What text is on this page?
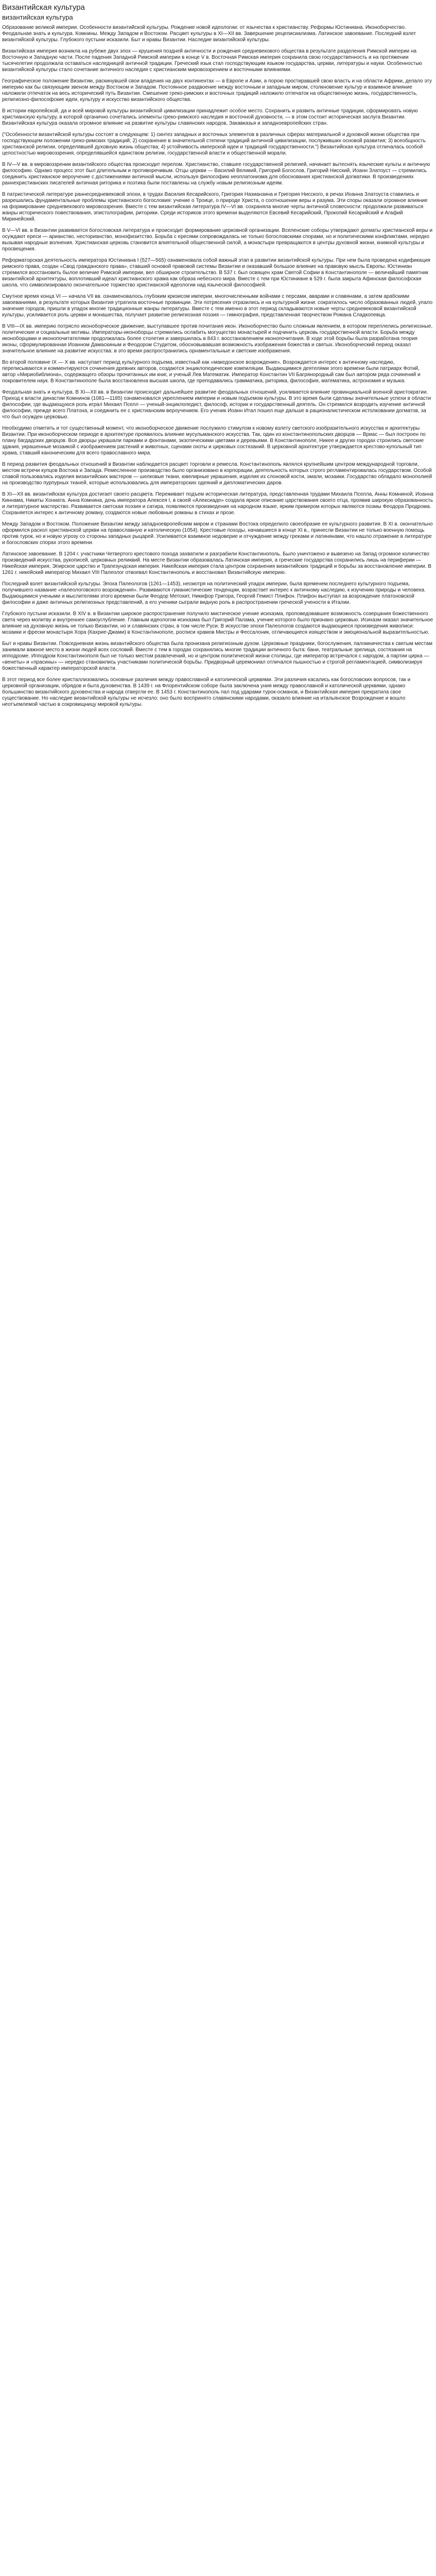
Византийская культура
византийская культура

Образование великой империи. Особенности византийской культуры. Рождение новой идеологии: от язычества к христианству. Реформы Юстиниана. Иконоборчество. Феодальная знать и культура. Комнины. Между Западом и Востоком. Расцвет культуры в XI—XII вв. Завершение рецеписиализма. Латинское завоевание. Последний взлет византийской культуры. Глубокого пустыни исказили. Быт и нравы Византии. Наследие византийской культуры.

Византийская империя возникла на рубеже двух эпох — крушения поздней античности и рождения средневекового общества в результате разделения Римской империи на Восточную и Западную части. После падения Западной Римской империи в конце V в. Восточная Римская империя сохранила свою государственность и на протяжении тысячелетия продолжала оставаться наследницей античной традиции. Греческий язык стал господствующим языком государства, церкви, литературы и науки. Особенностью византийской культуры стало сочетание античного наследия с христианским мировоззрением и восточными влияниями.

Географическое положение Византии, раскинувшей свои владения на двух континентах — в Европе и Азии, а порою простиравшей свою власть и на области Африки, делало эту империю как бы связующим звеном между Востоком и Западом. Постоянное раздвоение между восточным и западным миром, столкновение культур и взаимное влияние наложили отпечаток на весь исторический путь Византии. Смешение греко-римских и восточных традиций наложило отпечаток на общественную жизнь, государственность, религиозно-философские идеи, культуру и искусство византийского общества.

В истории европейской, да и всей мировой культуры византийской цивилизации принадлежит особое место. Сохранить и развить античные традиции, сформировать новую христианскую культуру, в которой органично сочетались элементы греко-римского наследия и восточной духовности, — в этом состоит историческая заслуга Византии. Византийская культура оказала огромное влияние на развитие культуры славянских народов, Закавказья и западноевропейских стран.

("Особенности византийской культуры состоят в следующем: 1) синтез западных и восточных элементов в различных сферах материальной и духовной жизни общества при господствующем положении греко-римских традиций; 2) сохранение в значительной степени традиций античной цивилизации, послуживших основой развития; 3) всеобщность христианской религии, определявшей духовную жизнь общества; 4) устойчивость имперской идеи и традиций государственности.") Византийская культура отличалась особой целостностью мировоззрения, определявшейся единством религии, государственной власти и общественной морали.

В IV—V вв. в мировоззрении византийского общества происходит перелом. Христианство, ставшее государственной религией, начинает вытеснять языческие культы и античную философию. Однако процесс этот был длительным и противоречивым. Отцы церкви — Василий Великий, Григорий Богослов, Григорий Нисский, Иоанн Златоуст — стремились соединить христианское вероучение с достижениями античной мысли, используя философию неоплатонизма для обоснования христианской догматики. В произведениях раннехристианских писателей античная риторика и поэтика были поставлены на службу новым религиозным идеям.

В патристической литературе раннесредневековой эпохи, в трудах Василия Кесарийского, Григория Назианзина и Григория Нисского, в речах Иоанна Златоуста ставились и разрешались фундаментальные проблемы христианского богословия: учение о Троице, о природе Христа, о соотношении веры и разума. Эти споры оказали огромное влияние на формирование средневекового мировоззрения. Вместе с тем византийская литература IV—VI вв. сохраняла многие черты античной словесности: продолжали развиваться жанры исторического повествования, эпистолографии, риторики. Среди историков этого времени выделяются Евсевий Кесарийский, Прокопий Кесарийский и Агафий Миринейский.

В V—VI вв. в Византии развивается богословская литература и происходит формирование церковной организации. Вселенские соборы утверждают догматы христианской веры и осуждают ереси — арианство, несторианство, монофизитство. Борьба с ересями сопровождалась не только богословскими спорами, но и политическими конфликтами, нередко вызывая народные волнения. Христианская церковь становится влиятельной общественной силой, а монастыри превращаются в центры духовной жизни, книжной культуры и просвещения.

Реформаторская деятельность императора Юстиниана I (527—565) ознаменовала собой важный этап в развитии византийской культуры. При нем была проведена кодификация римского права, создан «Свод гражданского права», ставший основой правовой системы Византии и оказавший большое влияние на правовую мысль Европы. Юстиниан стремился восстановить былое величие Римской империи, вел обширное строительство. В 537 г. был освящен храм Святой Софии в Константинополе — величайший памятник византийской архитектуры, воплотивший идеал христианского храма как образа небесного мира. Вместе с тем при Юстиниане в 529 г. была закрыта Афинская философская школа, что символизировало окончательное торжество христианской идеологии над языческой философией.

Смутное время конца VI — начала VII вв. ознаменовалось глубоким кризисом империи, многочисленными войнами с персами, аварами и славянами, а затем арабскими завоеваниями, в результате которых Византия утратила восточные провинции. Эти потрясения отразились и на культурной жизни: сократилось число образованных людей, упало значение городов, пришли в упадок многие традиционные жанры литературы. Вместе с тем именно в этот период складываются новые черты средневековой византийской культуры, усиливается роль церкви и монашества, получает развитие религиозная поэзия — гимнография, представленная творчеством Романа Сладкопевца.

В VIII—IX вв. империю потрясло иконоборческое движение, выступавшее против почитания икон. Иконоборчество было сложным явлением, в котором переплелись религиозные, политические и социальные мотивы. Императоры-иконоборцы стремились ослабить могущество монастырей и подчинить церковь государственной власти. Борьба между иконоборцами и иконопочитателями продолжалась более столетия и завершилась в 843 г. восстановлением иконопочитания. В ходе этой борьбы была разработана теория иконы, сформулированная Иоанном Дамаскиным и Феодором Студитом, обосновывавшая возможность изображения божества и святых. Иконоборческий период оказал значительное влияние на развитие искусства: в это время распространились орнаментальные и светские изображения.

Во второй половине IX — X вв. наступает период культурного подъема, известный как «македонское возрождение». Возрождается интерес к античному наследию, переписываются и комментируются сочинения древних авторов, создаются энциклопедические компиляции. Выдающимися деятелями этого времени были патриарх Фотий, автор «Мириобиблиона», содержащего обзоры прочитанных им книг, и ученый Лев Математик. Император Константин VII Багрянородный сам был автором ряда сочинений и покровителем наук. В Константинополе была восстановлена высшая школа, где преподавались грамматика, риторика, философия, математика, астрономия и музыка.

Феодальная знать и культура. В XI—XII вв. в Византии происходит дальнейшее развитие феодальных отношений, усиливается влияние провинциальной военной аристократии. Приход к власти династии Комнинов (1081—1185) ознаменовался укреплением империи и новым подъемом культуры. В это время были сделаны значительные успехи в области философии, где выдающуюся роль играл Михаил Пселл — ученый-энциклопедист, философ, историк и государственный деятель. Он стремился возродить изучение античной философии, прежде всего Платона, и соединить ее с христианским вероучением. Его ученик Иоанн Итал пошел еще дальше в рационалистическом истолковании догматов, за что был осужден церковью.

Необходимо отметить и тот существенный момент, что иконоборческое движение послужило стимулом к новому взлету светского изобразительного искусства и архитектуры Византии. При иконоборческом периоде в архитектуре проявилось влияние мусульманского искусства. Так, один из константинопольских дворцов — Вриас — был построен по плану багдадских дворцов. Все дворцы украшали парками и фонтанами, экзотическими цветами и деревьями. В Константинополе, Никее и других городах строились светские здания, украшенные мозаикой с изображением растений и животных, сценами охоты и цирковых состязаний. В церковной архитектуре утверждается крестово-купольный тип храма, ставший каноническим для всего православного мира.

В период развития феодальных отношений в Византии наблюдается расцвет торговли и ремесла. Константинополь являлся крупнейшим центром международной торговли, местом встречи купцов Востока и Запада. Ремесленное производство было организовано в корпорации, деятельность которых строго регламентировалась государством. Особой славой пользовались изделия византийских мастеров — шелковые ткани, ювелирные украшения, изделия из слоновой кости, эмали, мозаики. Государство обладало монополией на производство пурпурных тканей, которые использовались для императорских одеяний и дипломатических даров.

В XI—XII вв. византийская культура достигает своего расцвета. Переживает подъем историческая литература, представленная трудами Михаила Пселла, Анны Комниной, Иоанна Киннама, Никиты Хониата. Анна Комнина, дочь императора Алексея I, в своей «Алексиаде» создала яркое описание царствования своего отца, проявив широкую образованность и литературное мастерство. Развивается светская поэзия и сатира, появляются произведения на народном языке, ярким примером которых являются поэмы Феодора Продрома. Сохраняется интерес к античному роману, создаются новые любовные романы в стихах и прозе.

Между Западом и Востоком. Положение Византии между западноевропейским миром и странами Востока определило своеобразие ее культурного развития. В XI в. окончательно оформился раскол христианской церкви на православную и католическую (1054). Крестовые походы, начавшиеся в конце XI в., принесли Византии не только военную помощь против турок, но и новую угрозу со стороны западных рыцарей. Усиливается взаимное недоверие и отчуждение между греками и латинянами, что нашло отражение в литературе и богословских спорах этого времени.

Латинское завоевание. В 1204 г. участники Четвертого крестового похода захватили и разграбили Константинополь. Было уничтожено и вывезено на Запад огромное количество произведений искусства, рукописей, церковных реликвий. На месте Византии образовалась Латинская империя, а греческие государства сохранились лишь на периферии — Никейская империя, Эпирское царство и Трапезундская империя. Никейская империя стала центром сохранения византийских традиций и борьбы за восстановление империи. В 1261 г. никейский император Михаил VIII Палеолог отвоевал Константинополь и восстановил Византийскую империю.

Последний взлет византийской культуры. Эпоха Палеологов (1261—1453), несмотря на политический упадок империи, была временем последнего культурного подъема, получившего название «палеологовского возрождения». Развиваются гуманистические тенденции, возрастает интерес к античному наследию, к изучению природы и человека. Выдающимися учеными и мыслителями этого времени были Феодор Метохит, Никифор Григора, Георгий Гемист Плифон. Плифон выступал за возрождение платоновской философии и даже античных религиозных представлений, а его ученики сыграли видную роль в распространении греческой учености в Италии.

Глубокого пустыни исказили. В XIV в. в Византии широкое распространение получило мистическое учение исихазма, проповедовавшее возможность созерцания божественного света через молитву и внутреннее самоуглубление. Главным идеологом исихазма был Григорий Палама, учение которого было признано церковью. Исихазм оказал значительное влияние на духовную жизнь не только Византии, но и славянских стран, в том числе Руси. В искусстве эпохи Палеологов создаются выдающиеся произведения живописи: мозаики и фрески монастыря Хора (Кахрие-Джами) в Константинополе, росписи храмов Мистры и Фессалоник, отличающиеся изяществом и эмоциональной выразительностью.

Быт и нравы Византии. Повседневная жизнь византийского общества была пронизана религиозным духом. Церковные праздники, богослужения, паломничества к святым местам занимали важное место в жизни людей всех сословий. Вместе с тем в городах сохранялись многие традиции античного быта: бани, театральные зрелища, состязания на ипподроме. Ипподром Константинополя был не только местом развлечений, но и центром политической жизни столицы, где император встречался с народом, а партии цирка — «венеты» и «прасины» — нередко становились участниками политической борьбы. Придворный церемониал отличался пышностью и строгой регламентацией, символизируя божественный характер императорской власти.

В этот период все более кристаллизовались основные различия между православной и католической церквями. Эти различия касались как богословских вопросов, так и церковной организации, обрядов и быта духовенства. В 1439 г. на Флорентийском соборе была заключена уния между православной и католической церквями, однако большинство византийского духовенства и народа отвергли ее. В 1453 г. Константинополь пал под ударами турок-османов, и Византийская империя прекратила свое существование. Но наследие византийской культуры не исчезло: оно было воспринято славянскими народами, оказало влияние на итальянское Возрождение и вошло неотъемлемой частью в сокровищницу мировой культуры.
